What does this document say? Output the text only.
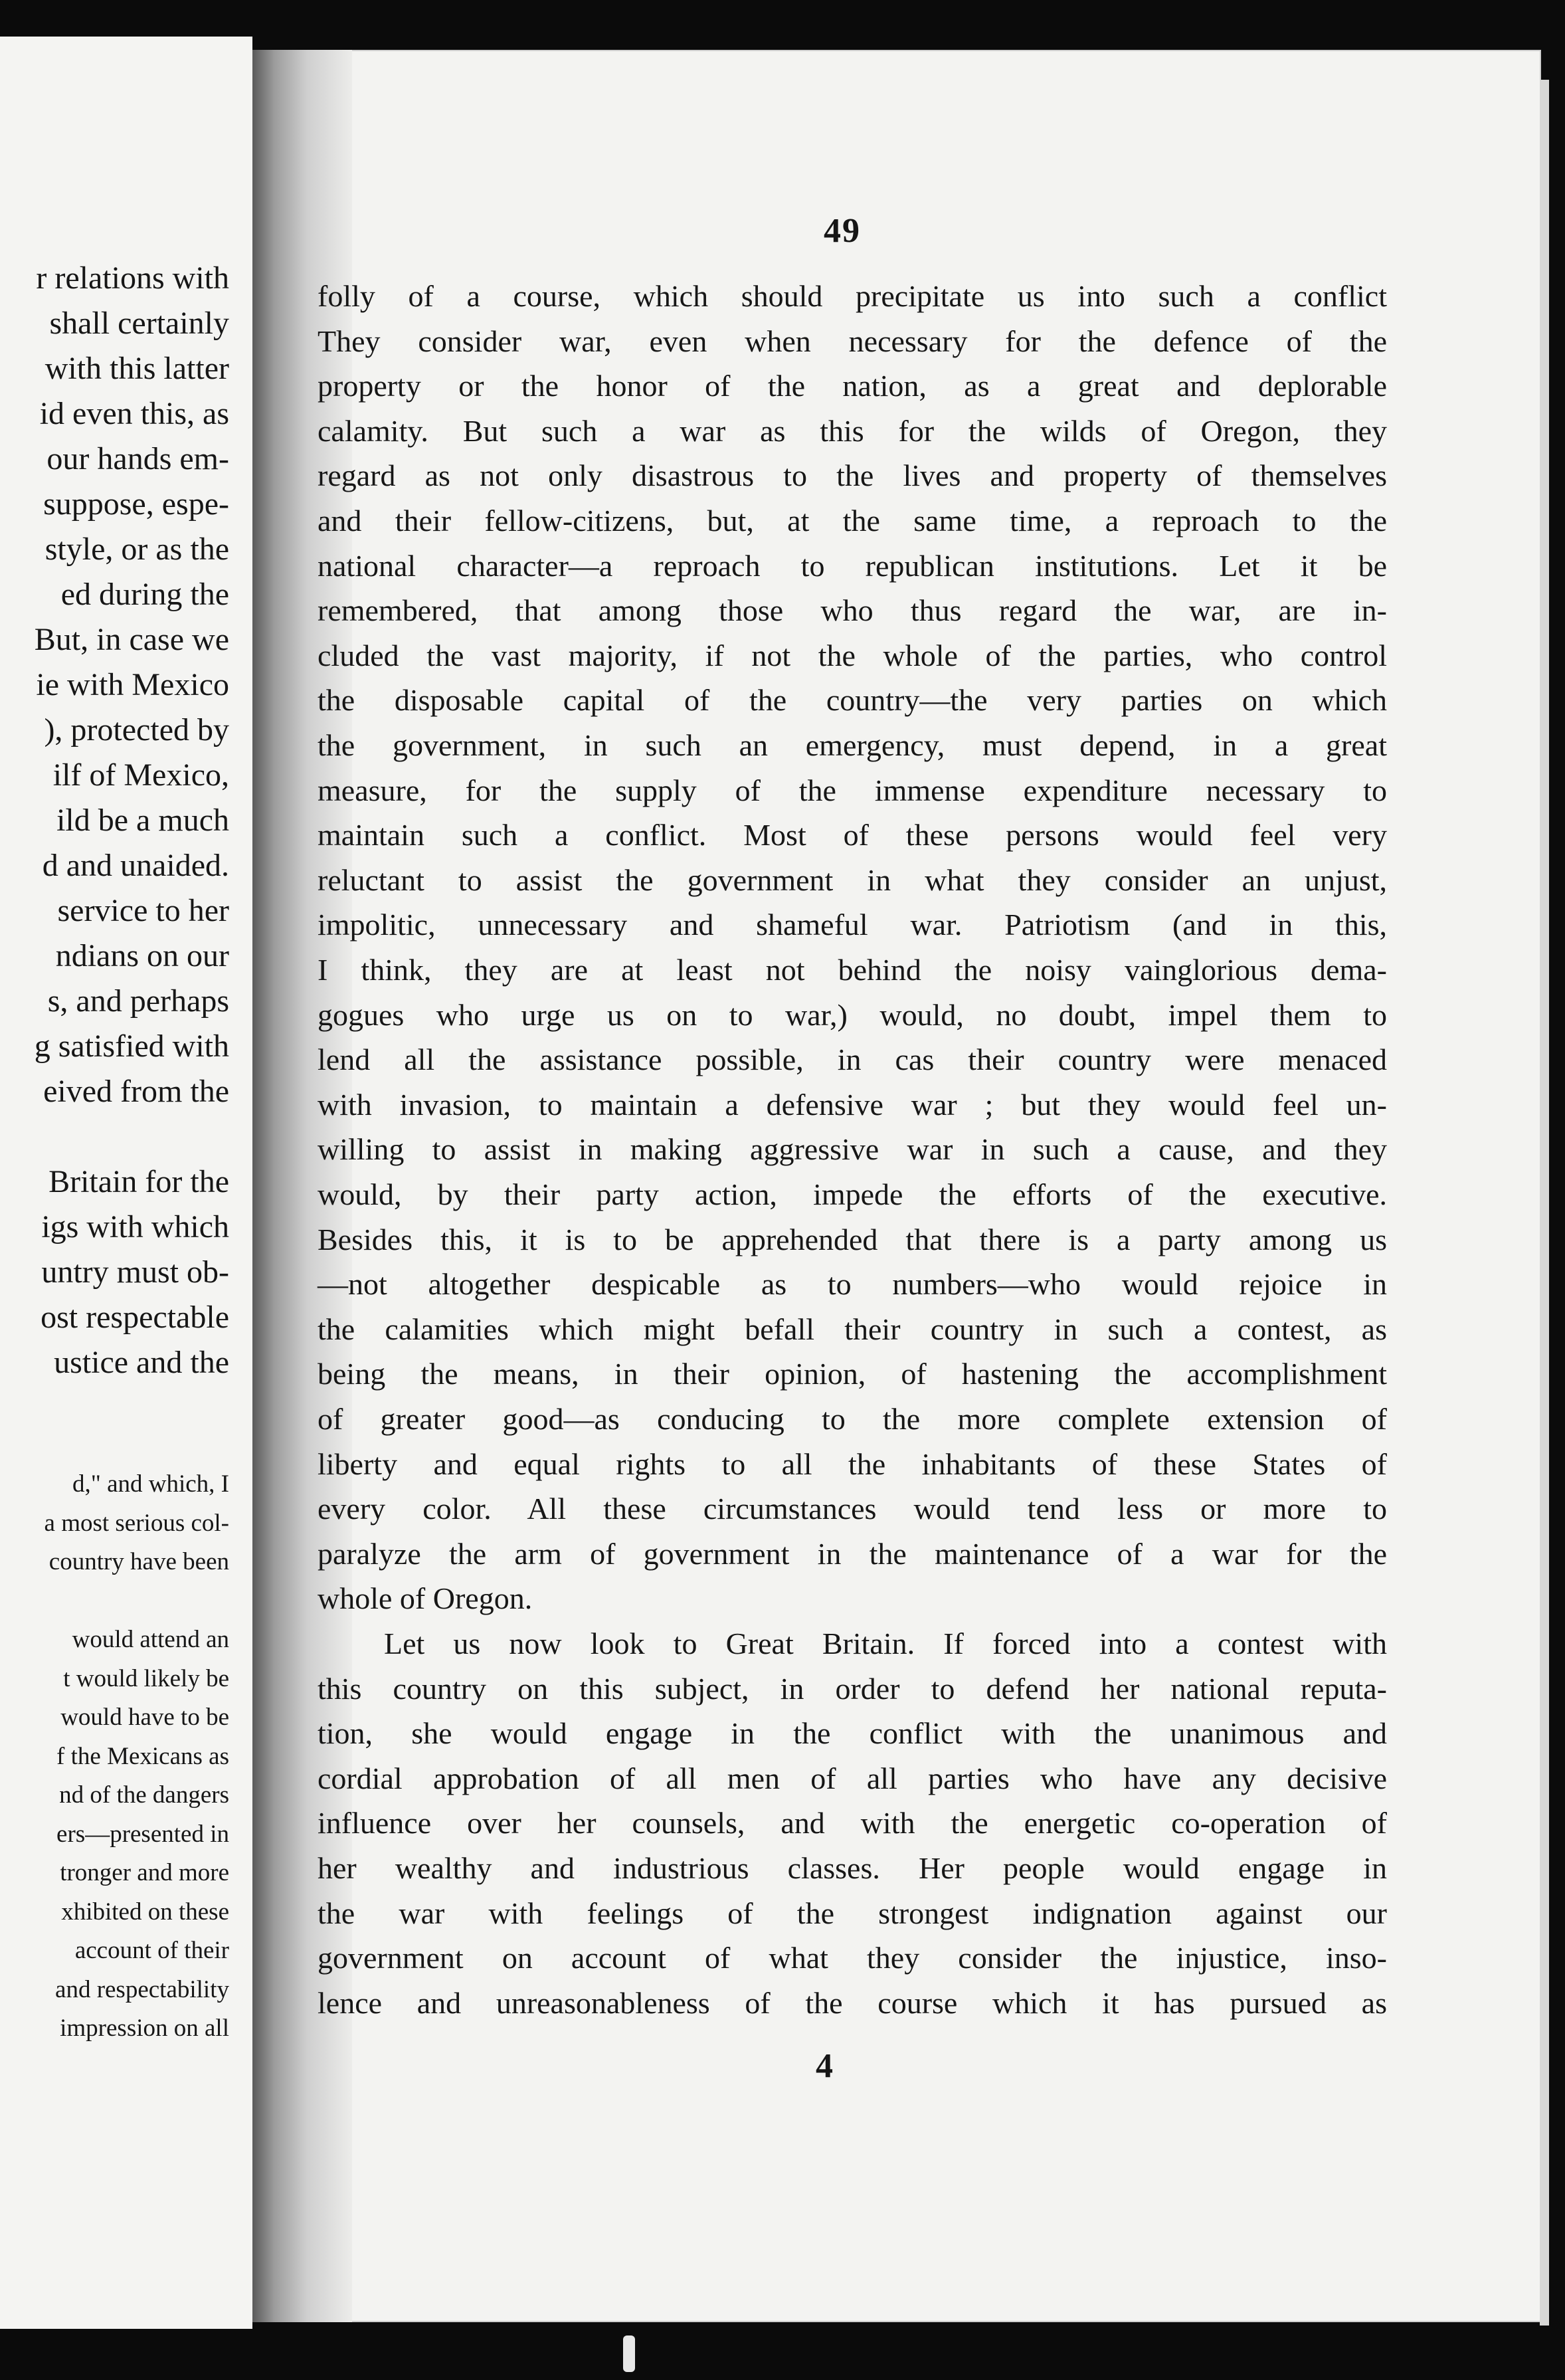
r relations with
shall certainly
with this latter
id even this, as
our hands em-
suppose, espe-
style, or as the
ed during the
But, in case we
ie with Mexico
), protected by
ilf of Mexico,
ild be a much
d and unaided.
service to her
ndians on our
s, and perhaps
g satisfied with
eived from the
Britain for the
igs with which
untry must ob-
ost respectable
ustice and the
d," and which, I
a most serious col-
country have been
would attend an
t would likely be
would have to be
f the Mexicans as
nd of the dangers
ers—presented in
tronger and more
xhibited on these
account of their
and respectability
impression on all
49
folly of a course, which should precipitate us into such a conflict
They consider war, even when necessary for the defence of the
property or the honor of the nation, as a great and deplorable
calamity. But such a war as this for the wilds of Oregon, they
regard as not only disastrous to the lives and property of themselves
and their fellow-citizens, but, at the same time, a reproach to the
national character—a reproach to republican institutions. Let it be
remembered, that among those who thus regard the war, are in-
cluded the vast majority, if not the whole of the parties, who control
the disposable capital of the country—the very parties on which
the government, in such an emergency, must depend, in a great
measure, for the supply of the immense expenditure necessary to
maintain such a conflict. Most of these persons would feel very
reluctant to assist the government in what they consider an unjust,
impolitic, unnecessary and shameful war. Patriotism (and in this,
I think, they are at least not behind the noisy vainglorious dema-
gogues who urge us on to war,) would, no doubt, impel them to
lend all the assistance possible, in cas their country were menaced
with invasion, to maintain a defensive war ; but they would feel un-
willing to assist in making aggressive war in such a cause, and they
would, by their party action, impede the efforts of the executive.
Besides this, it is to be apprehended that there is a party among us
—not altogether despicable as to numbers—who would rejoice in
the calamities which might befall their country in such a contest, as
being the means, in their opinion, of hastening the accomplishment
of greater good—as conducing to the more complete extension of
liberty and equal rights to all the inhabitants of these States of
every color. All these circumstances would tend less or more to
paralyze the arm of government in the maintenance of a war for the
whole of Oregon.
Let us now look to Great Britain. If forced into a contest with
this country on this subject, in order to defend her national reputa-
tion, she would engage in the conflict with the unanimous and
cordial approbation of all men of all parties who have any decisive
influence over her counsels, and with the energetic co-operation of
her wealthy and industrious classes. Her people would engage in
the war with feelings of the strongest indignation against our
government on account of what they consider the injustice, inso-
lence and unreasonableness of the course which it has pursued as
4
